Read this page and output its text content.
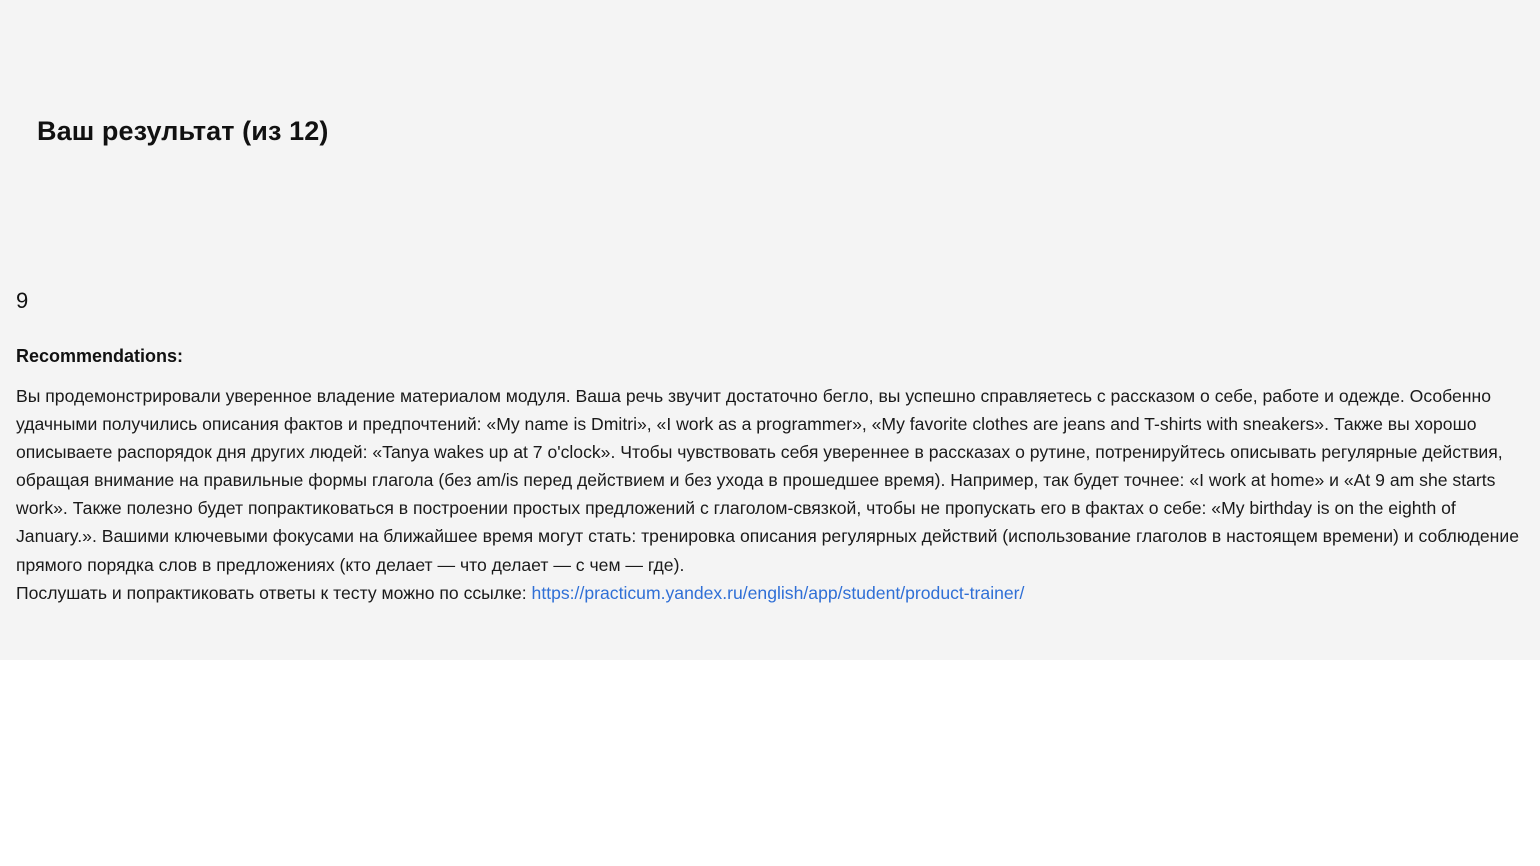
Ваш результат (из 12)
9
Recommendations:

Вы продемонстрировали уверенное владение материалом модуля. Ваша речь звучит достаточно бегло, вы успешно справляетесь с рассказом о себе, работе и одежде. Особенно удачными получились описания фактов и предпочтений: «My name is Dmitri», «I work as a programmer», «My favorite clothes are jeans and T-shirts with sneakers». Также вы хорошо описываете распорядок дня других людей: «Tanya wakes up at 7 o'clock». Чтобы чувствовать себя увереннее в рассказах о рутине, потренируйтесь описывать регулярные действия, обращая внимание на правильные формы глагола (без am/is перед действием и без ухода в прошедшее время). Например, так будет точнее: «I work at home» и «At 9 am she starts work». Также полезно будет попрактиковаться в построении простых предложений с глаголом-связкой, чтобы не пропускать его в фактах о себе: «My birthday is on the eighth of January.». Вашими ключевыми фокусами на ближайшее время могут стать: тренировка описания регулярных действий (использование глаголов в настоящем времени) и соблюдение прямого порядка слов в предложениях (кто делает — что делает — с чем — где).

Послушать и попрактиковать ответы к тесту можно по ссылке: https://practicum.yandex.ru/english/app/student/product-trainer/
